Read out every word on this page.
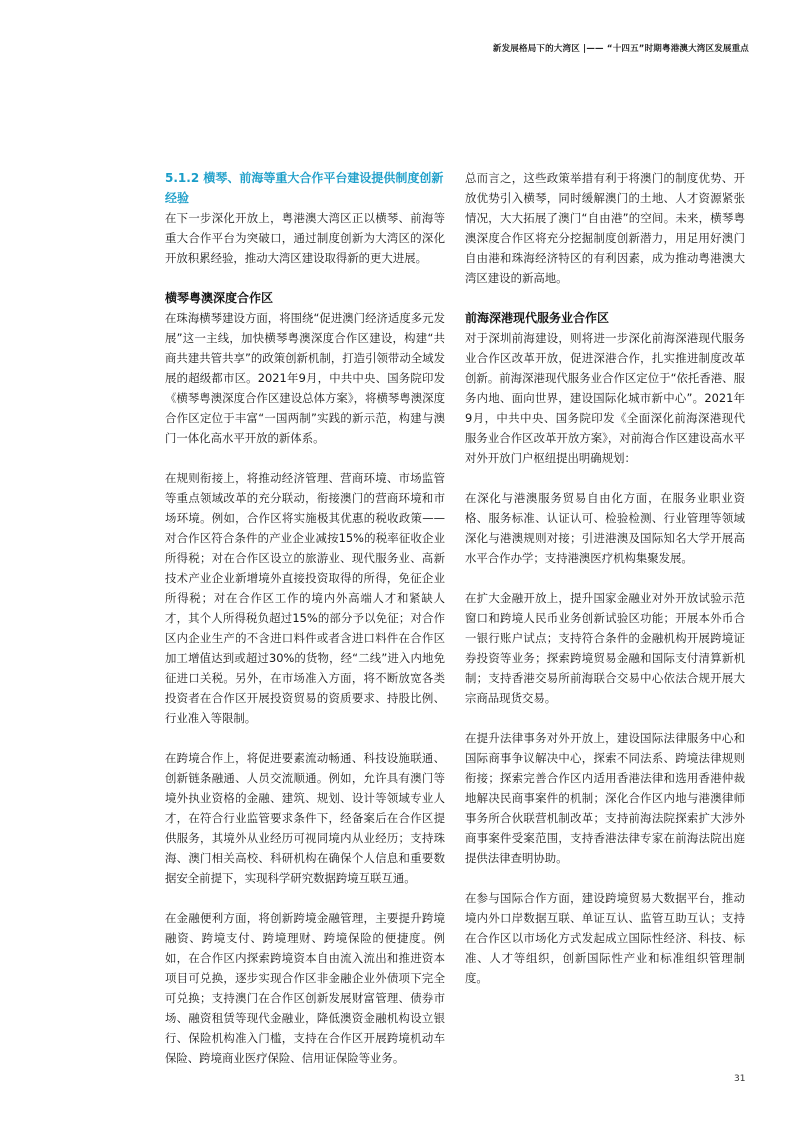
新发展格局下的大湾区 |—— “十四五”时期粤港澳大湾区发展重点
5.1.2 横琴、前海等重大合作平台建设提供制度创新经验

在下一步深化开放上，粤港澳大湾区正以横琴、前海等重大合作平台为突破口，通过制度创新为大湾区的深化开放积累经验，推动大湾区建设取得新的更大进展。

横琴粤澳深度合作区

在珠海横琴建设方面，将围绕“促进澳门经济适度多元发展”这一主线，加快横琴粤澳深度合作区建设，构建“共商共建共管共享”的政策创新机制，打造引领带动全域发展的超级都市区。2021年9月，中共中央、国务院印发《横琴粤澳深度合作区建设总体方案》，将横琴粤澳深度合作区定位于丰富“一国两制”实践的新示范，构建与澳门一体化高水平开放的新体系。

在规则衔接上，将推动经济管理、营商环境、市场监管等重点领域改革的充分联动，衔接澳门的营商环境和市场环境。例如，合作区将实施极其优惠的税收政策——对合作区符合条件的产业企业减按15%的税率征收企业所得税；对在合作区设立的旅游业、现代服务业、高新技术产业企业新增境外直接投资取得的所得，免征企业所得税；对在合作区工作的境内外高端人才和紧缺人才，其个人所得税负超过15%的部分予以免征；对合作区内企业生产的不含进口料件或者含进口料件在合作区加工增值达到或超过30%的货物，经“二线”进入内地免征进口关税。另外，在市场准入方面，将不断放宽各类投资者在合作区开展投资贸易的资质要求、持股比例、行业准入等限制。

在跨境合作上，将促进要素流动畅通、科技设施联通、创新链条融通、人员交流顺通。例如，允许具有澳门等境外执业资格的金融、建筑、规划、设计等领域专业人才，在符合行业监管要求条件下，经备案后在合作区提供服务，其境外从业经历可视同境内从业经历；支持珠海、澳门相关高校、科研机构在确保个人信息和重要数据安全前提下，实现科学研究数据跨境互联互通。

在金融便利方面，将创新跨境金融管理，主要提升跨境融资、跨境支付、跨境理财、跨境保险的便捷度。例如，在合作区内探索跨境资本自由流入流出和推进资本项目可兑换，逐步实现合作区非金融企业外债项下完全可兑换；支持澳门在合作区创新发展财富管理、债券市场、融资租赁等现代金融业，降低澳资金融机构设立银行、保险机构准入门槛，支持在合作区开展跨境机动车保险、跨境商业医疗保险、信用证保险等业务。

总而言之，这些政策举措有利于将澳门的制度优势、开放优势引入横琴，同时缓解澳门的土地、人才资源紧张情况，大大拓展了澳门“自由港”的空间。未来，横琴粤澳深度合作区将充分挖掘制度创新潜力，用足用好澳门自由港和珠海经济特区的有利因素，成为推动粤港澳大湾区建设的新高地。

前海深港现代服务业合作区

对于深圳前海建设，则将进一步深化前海深港现代服务业合作区改革开放，促进深港合作，扎实推进制度改革创新。前海深港现代服务业合作区定位于“依托香港、服务内地、面向世界，建设国际化城市新中心”。2021年9月，中共中央、国务院印发《全面深化前海深港现代服务业合作区改革开放方案》，对前海合作区建设高水平对外开放门户枢纽提出明确规划：

在深化与港澳服务贸易自由化方面，在服务业职业资格、服务标准、认证认可、检验检测、行业管理等领域深化与港澳规则对接；引进港澳及国际知名大学开展高水平合作办学；支持港澳医疗机构集聚发展。

在扩大金融开放上，提升国家金融业对外开放试验示范窗口和跨境人民币业务创新试验区功能；开展本外币合一银行账户试点；支持符合条件的金融机构开展跨境证券投资等业务；探索跨境贸易金融和国际支付清算新机制；支持香港交易所前海联合交易中心依法合规开展大宗商品现货交易。

在提升法律事务对外开放上，建设国际法律服务中心和国际商事争议解决中心，探索不同法系、跨境法律规则衔接；探索完善合作区内适用香港法律和选用香港仲裁地解决民商事案件的机制；深化合作区内地与港澳律师事务所合伙联营机制改革；支持前海法院探索扩大涉外商事案件受案范围，支持香港法律专家在前海法院出庭提供法律查明协助。

在参与国际合作方面，建设跨境贸易大数据平台，推动境内外口岸数据互联、单证互认、监管互助互认；支持在合作区以市场化方式发起成立国际性经济、科技、标准、人才等组织，创新国际性产业和标准组织管理制度。

31
